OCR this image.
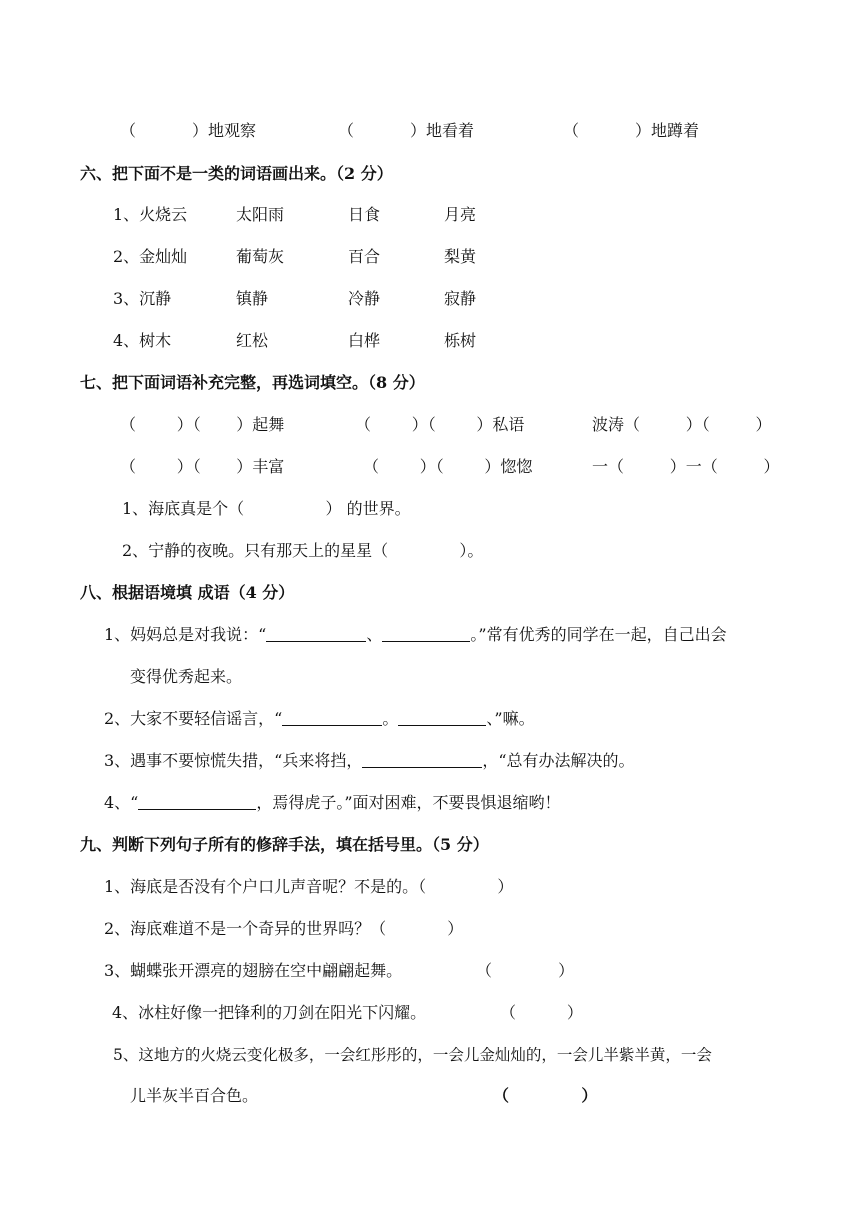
（           ）地观察	（           ）地看着	（           ）地蹲着
六、把下面不是一类的词语画出来。（2 分）
1、火烧云	太阳雨	日食	月亮
2、金灿灿	葡萄灰	百合	梨黄
3、沉静	镇静	冷静	寂静
4、树木	红松	白桦	栎树
七、把下面词语补充完整，再选词填空。（8 分）
（        ）（       ）起舞	（        ）（        ）私语	波涛（         ）（         ）
（        ）（       ）丰富	（        ）（        ）惚惚	一（         ）一（         ）
1、海底真是个（                ） 的世界。
2、宁静的夜晚。只有那天上的星星（              ）。
八、根据语境填 成语（4 分）
1、妈妈总是对我说：“	、	。”常有优秀的同学在一起，自己出会
变得优秀起来。
2、大家不要轻信谣言，“	。	、”嘛。
3、遇事不要惊慌失措，“兵来将挡，	，“总有办法解决的。
4、“	，焉得虎子。”面对困难，不要畏惧退缩哟！
九、判断下列句子所有的修辞手法，填在括号里。（5 分）
1、海底是否没有个户口儿声音呢？不是的。（              ）
2、海底难道不是一个奇异的世界吗？（            ）
3、蝴蝶张开漂亮的翅膀在空中翩翩起舞。	（             ）
4、冰柱好像一把锋利的刀剑在阳光下闪耀。	（          ）
5、这地方的火烧云变化极多，一会红彤彤的，一会儿金灿灿的，一会儿半紫半黄，一会
儿半灰半百合色。	（             ）
